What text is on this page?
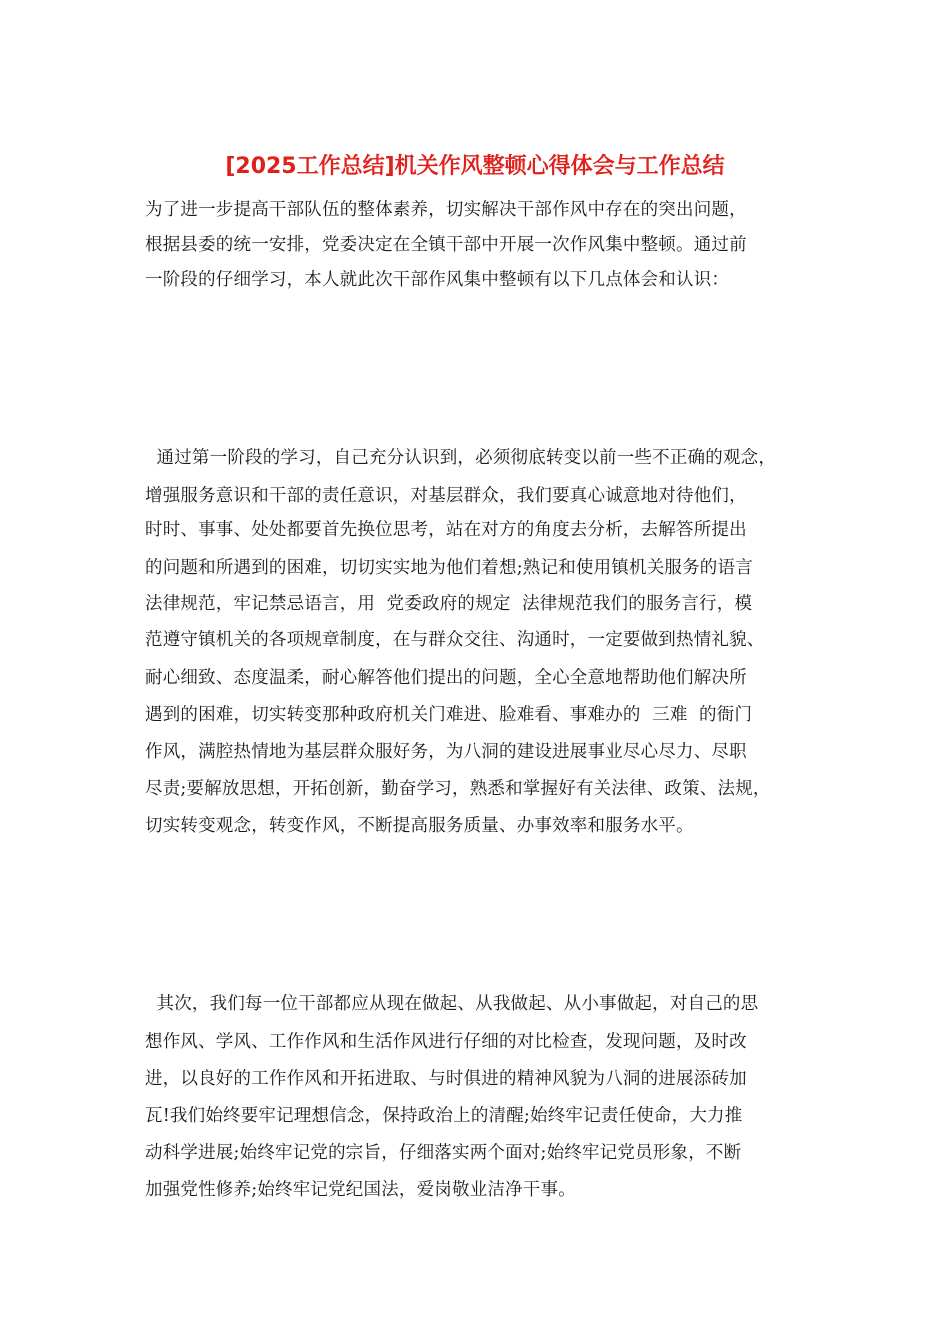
[2025工作总结]机关作风整顿心得体会与工作总结
为了进一步提高干部队伍的整体素养，切实解决干部作风中存在的突出问题，
根据县委的统一安排，党委决定在全镇干部中开展一次作风集中整顿。通过前
一阶段的仔细学习，本人就此次干部作风集中整顿有以下几点体会和认识：
通过第一阶段的学习，自己充分认识到，必须彻底转变以前一些不正确的观念，
增强服务意识和干部的责任意识，对基层群众，我们要真心诚意地对待他们，
时时、事事、处处都要首先换位思考，站在对方的角度去分析，去解答所提出
的问题和所遇到的困难，切切实实地为他们着想;熟记和使用镇机关服务的语言
法律规范，牢记禁忌语言，用  党委政府的规定  法律规范我们的服务言行，模
范遵守镇机关的各项规章制度，在与群众交往、沟通时，一定要做到热情礼貌、
耐心细致、态度温柔，耐心解答他们提出的问题，全心全意地帮助他们解决所
遇到的困难，切实转变那种政府机关门难进、脸难看、事难办的  三难  的衙门
作风，满腔热情地为基层群众服好务，为八洞的建设进展事业尽心尽力、尽职
尽责;要解放思想，开拓创新，勤奋学习，熟悉和掌握好有关法律、政策、法规，
切实转变观念，转变作风，不断提高服务质量、办事效率和服务水平。
其次，我们每一位干部都应从现在做起、从我做起、从小事做起，对自己的思
想作风、学风、工作作风和生活作风进行仔细的对比检查，发现问题，及时改
进，以良好的工作作风和开拓进取、与时俱进的精神风貌为八洞的进展添砖加
瓦!我们始终要牢记理想信念，保持政治上的清醒;始终牢记责任使命，大力推
动科学进展;始终牢记党的宗旨，仔细落实两个面对;始终牢记党员形象，不断
加强党性修养;始终牢记党纪国法，爱岗敬业洁净干事。
